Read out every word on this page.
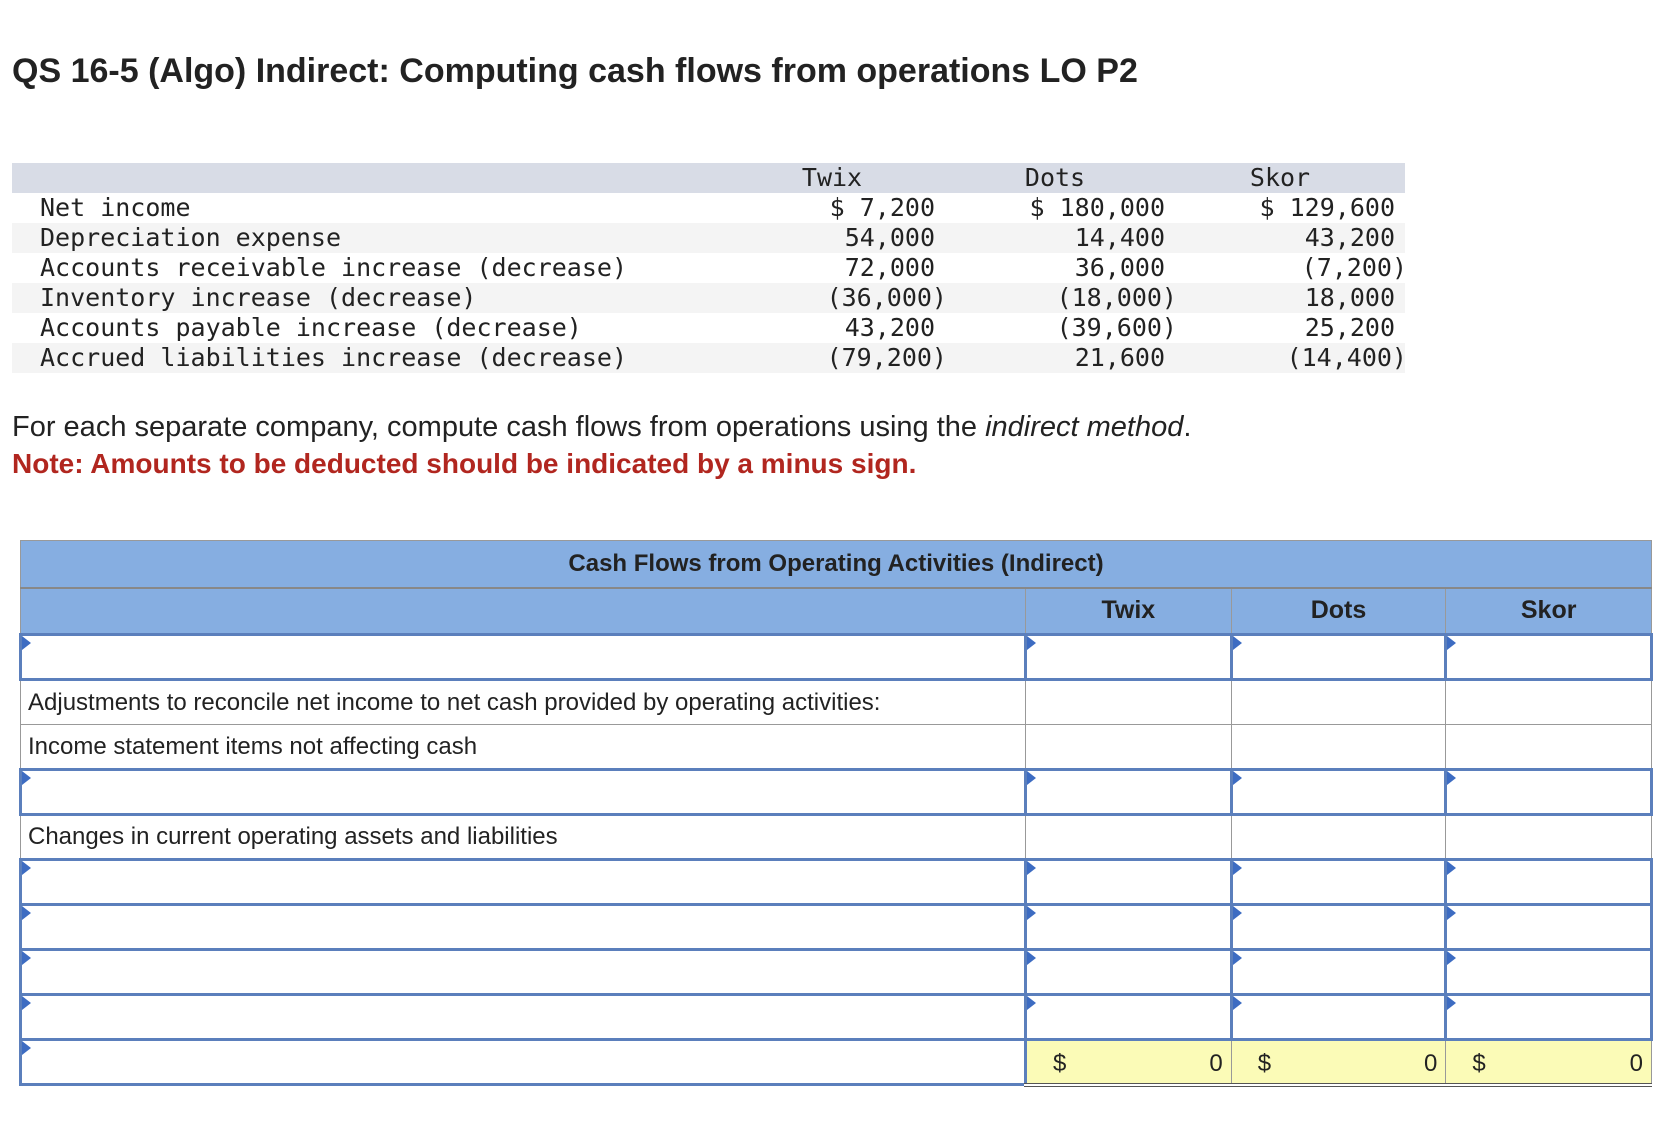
QS 16-5 (Algo) Indirect: Computing cash flows from operations LO P2
Twix	Dots	Skor
Net income	$ 7,200	$ 180,000	$ 129,600
Depreciation expense	54,000	14,400	43,200
Accounts receivable increase (decrease)	72,000	36,000	(7,200)
Inventory increase (decrease)	(36,000)	(18,000)	18,000
Accounts payable increase (decrease)	43,200	(39,600)	25,200
Accrued liabilities increase (decrease)	(79,200)	21,600	(14,400)
For each separate company, compute cash flows from operations using the indirect method.
Note: Amounts to be deducted should be indicated by a minus sign.
Cash Flows from Operating Activities (Indirect)			
	Twix	Dots	Skor

Adjustments to reconcile net income to net cash provided by operating activities:			
Income statement items not affecting cash			

Changes in current operating assets and liabilities			

	$ 0	$ 0	$ 0
